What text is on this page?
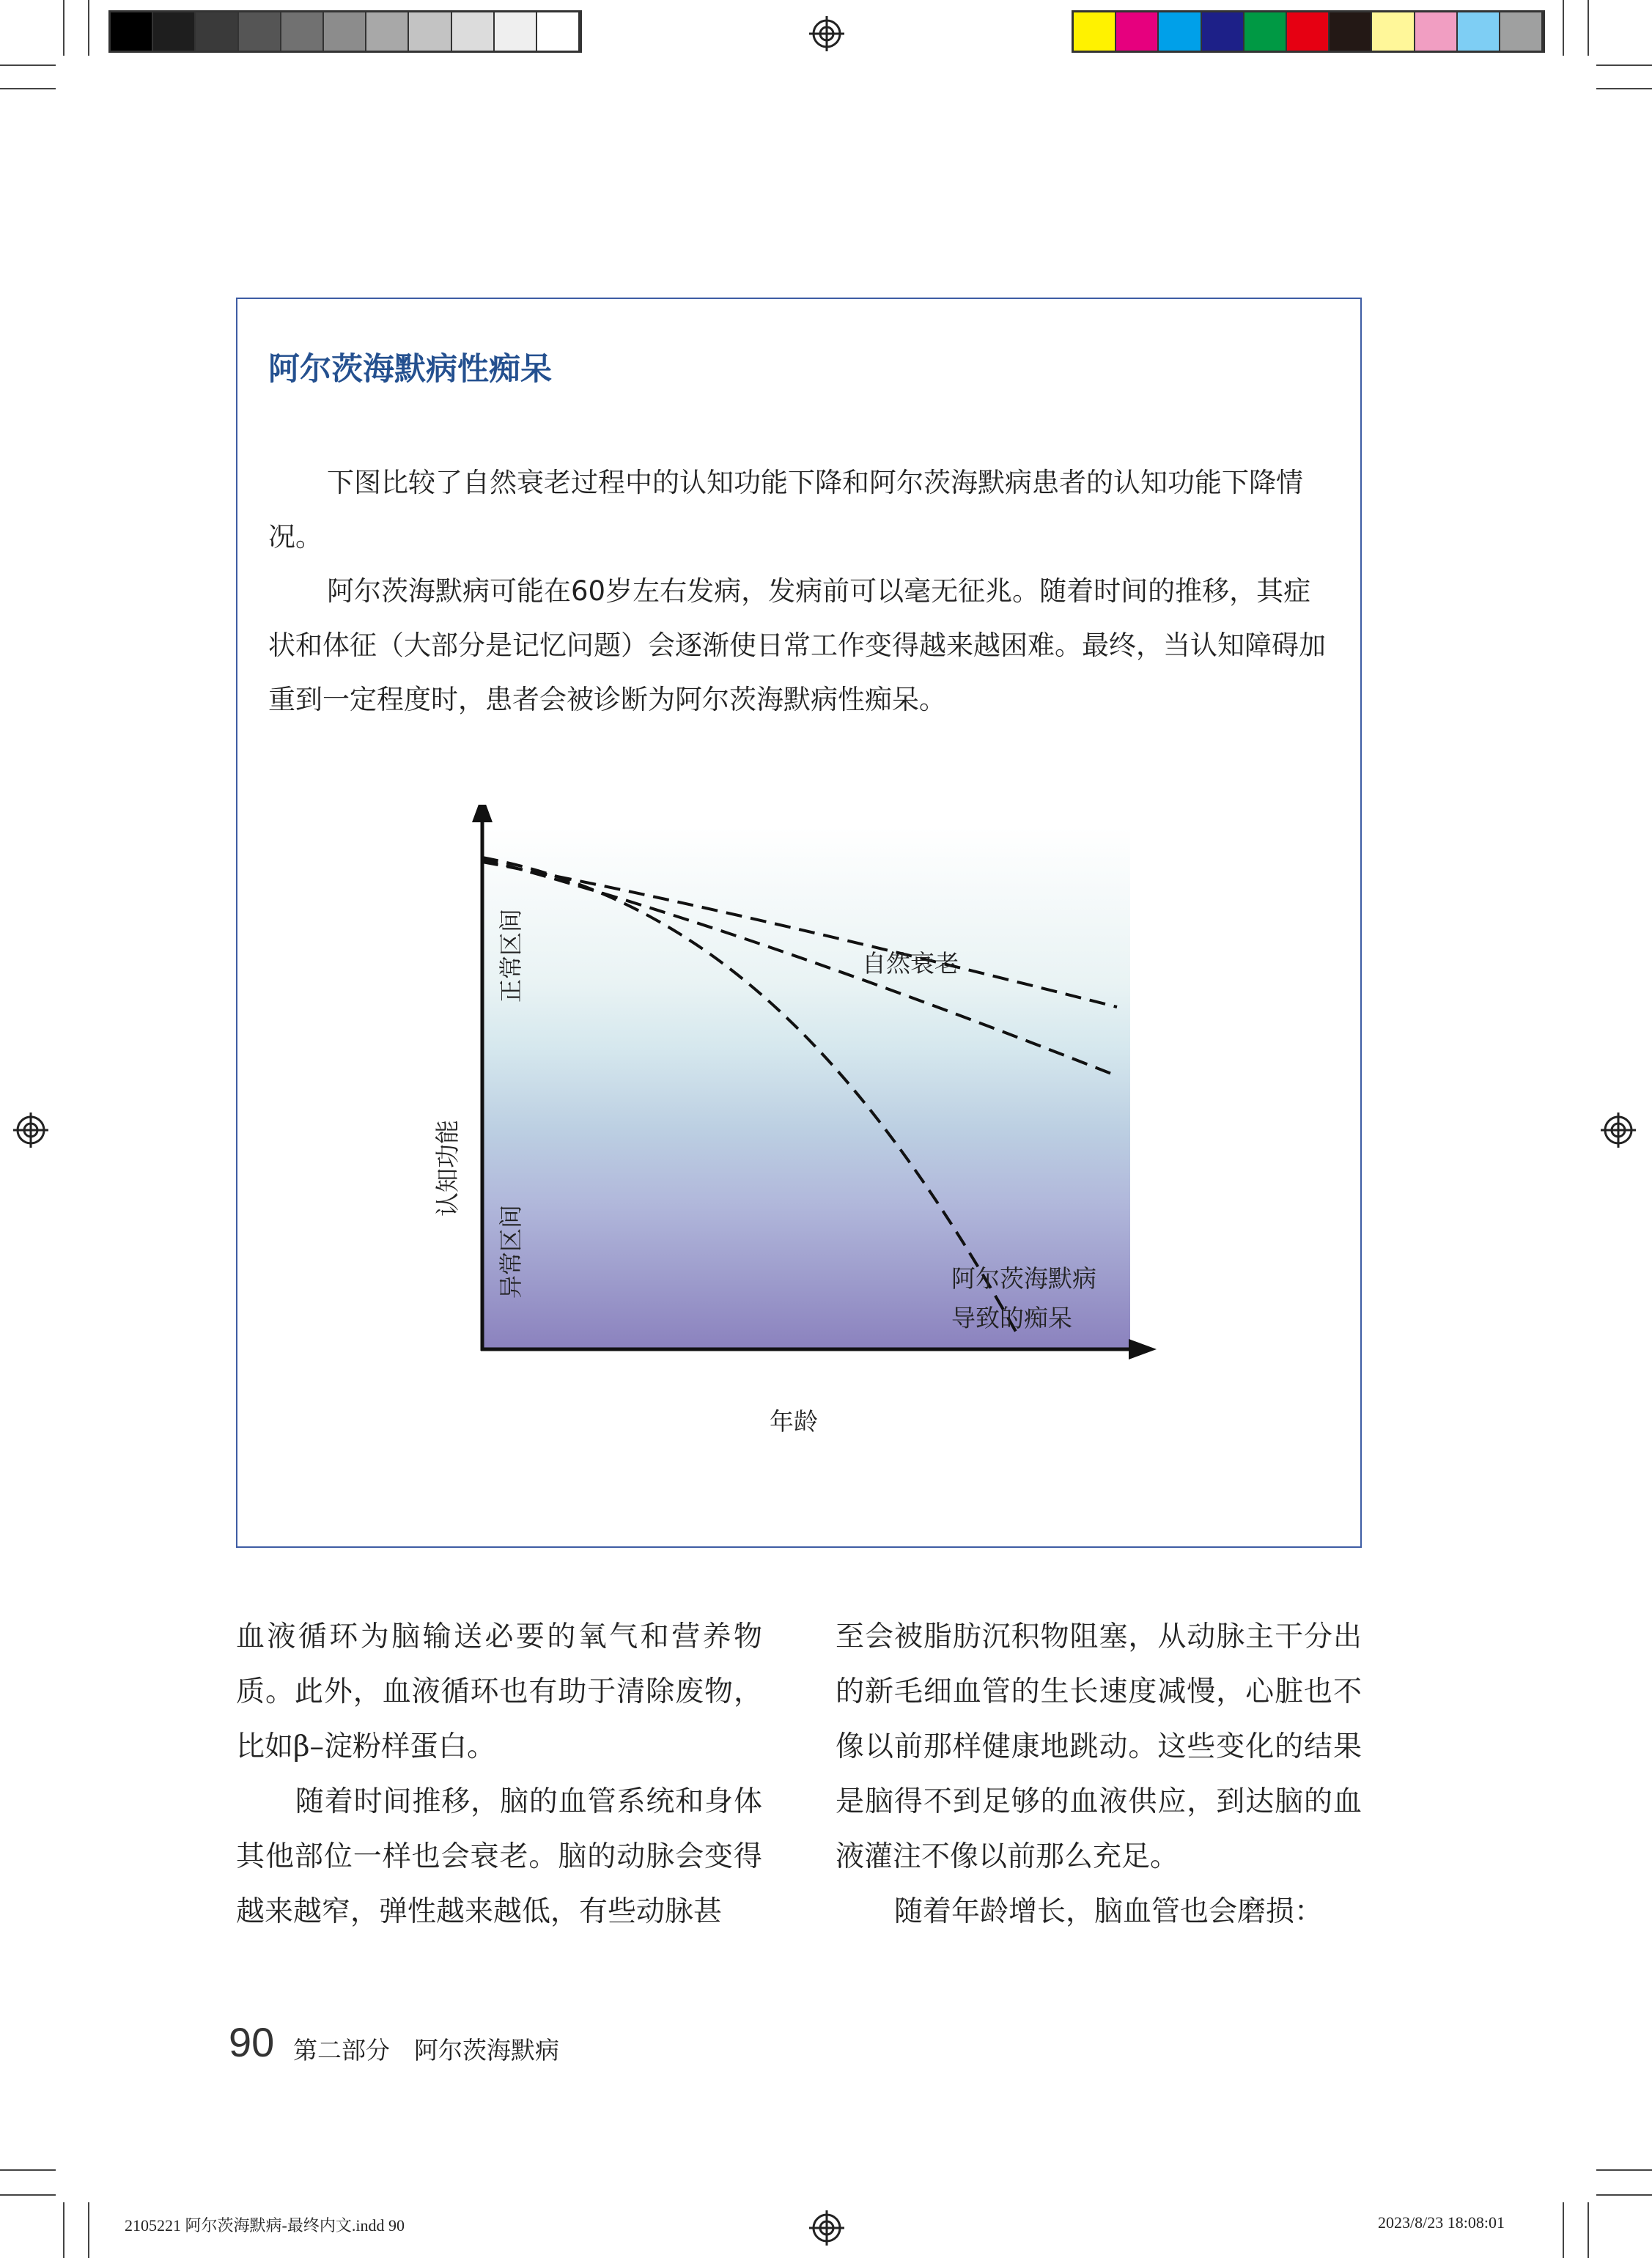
阿尔茨海默病性痴呆
下图比较了自然衰老过程中的认知功能下降和阿尔茨海默病患者的认知功能下降情况。
阿尔茨海默病可能在60岁左右发病，发病前可以毫无征兆。随着时间的推移，其症状和体征（大部分是记忆问题）会逐渐使日常工作变得越来越困难。最终，当认知障碍加重到一定程度时，患者会被诊断为阿尔茨海默病性痴呆。
正常区间
异常区间
认知功能
年龄
自然衰老
阿尔茨海默病
导致的痴呆
血液循环为脑输送必要的氧气和营养物质。此外，血液循环也有助于清除废物，比如β–淀粉样蛋白。
随着时间推移，脑的血管系统和身体其他部位一样也会衰老。脑的动脉会变得越来越窄，弹性越来越低，有些动脉甚
至会被脂肪沉积物阻塞，从动脉主干分出的新毛细血管的生长速度减慢，心脏也不像以前那样健康地跳动。这些变化的结果是脑得不到足够的血液供应，到达脑的血液灌注不像以前那么充足。
随着年龄增长，脑血管也会磨损：
90 第二部分　阿尔茨海默病
2105221 阿尔茨海默病-最终内文.indd 90	2023/8/23 18:08:01
